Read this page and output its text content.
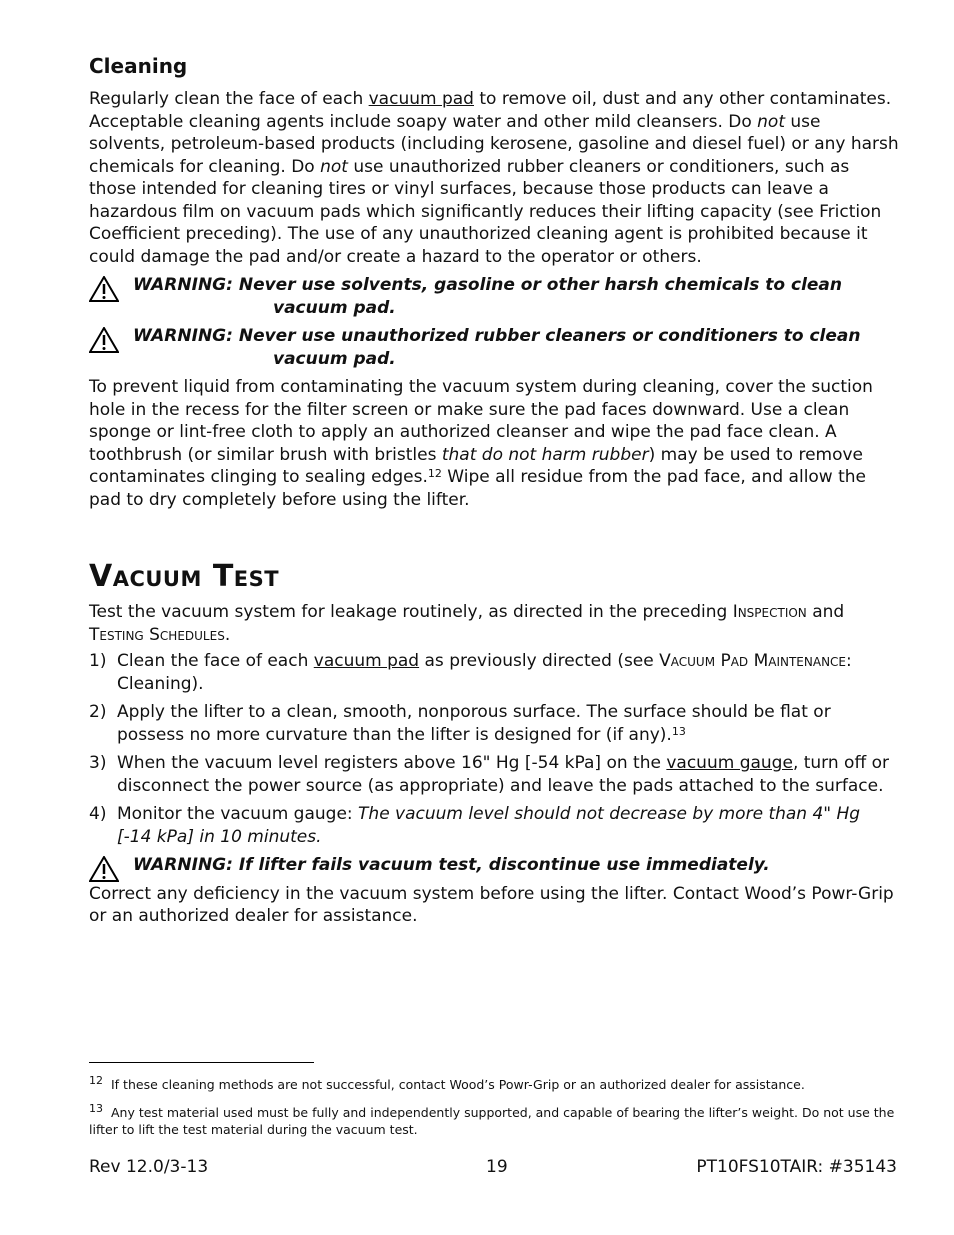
Cleaning

Regularly clean the face of each vacuum pad to remove oil, dust and any other contaminates. Acceptable cleaning agents include soapy water and other mild cleansers. Do not use solvents, petroleum-based products (including kerosene, gasoline and diesel fuel) or any harsh chemicals for cleaning. Do not use unauthorized rubber cleaners or conditioners, such as those intended for cleaning tires or vinyl surfaces, because those products can leave a hazardous film on vacuum pads which significantly reduces their lifting capacity (see Friction Coefficient preceding). The use of any unauthorized cleaning agent is prohibited because it could damage the pad and/or create a hazard to the operator or others.

WARNING: Never use solvents, gasoline or other harsh chemicals to clean
vacuum pad.
WARNING: Never use unauthorized rubber cleaners or conditioners to clean
vacuum pad.

To prevent liquid from contaminating the vacuum system during cleaning, cover the suction hole in the recess for the filter screen or make sure the pad faces downward. Use a clean sponge or lint-free cloth to apply an authorized cleanser and wipe the pad face clean. A toothbrush (or similar brush with bristles that do not harm rubber) may be used to remove contaminates clinging to sealing edges.$^{12}$ Wipe all residue from the pad face, and allow the pad to dry completely before using the lifter.

Vacuum Test

Test the vacuum system for leakage routinely, as directed in the preceding Inspection and Testing Schedules.

1) Clean the face of each vacuum pad as previously directed (see Vacuum Pad Maintenance: Cleaning).
2) Apply the lifter to a clean, smooth, nonporous surface. The surface should be flat or possess no more curvature than the lifter is designed for (if any).$^{13}$
3) When the vacuum level registers above 16" Hg [-54 kPa] on the vacuum gauge, turn off or disconnect the power source (as appropriate) and leave the pads attached to the surface.
4) Monitor the vacuum gauge: The vacuum level should not decrease by more than 4" Hg [-14 kPa] in 10 minutes.
WARNING: If lifter fails vacuum test, discontinue use immediately.

Correct any deficiency in the vacuum system before using the lifter. Contact Wood’s Powr-Grip or an authorized dealer for assistance.

12 If these cleaning methods are not successful, contact Wood’s Powr-Grip or an authorized dealer for assistance.
13 Any test material used must be fully and independently supported, and capable of bearing the lifter’s weight. Do not use the lifter to lift the test material during the vacuum test.
Rev 12.0/3-13	19	PT10FS10TAIR: #35143
